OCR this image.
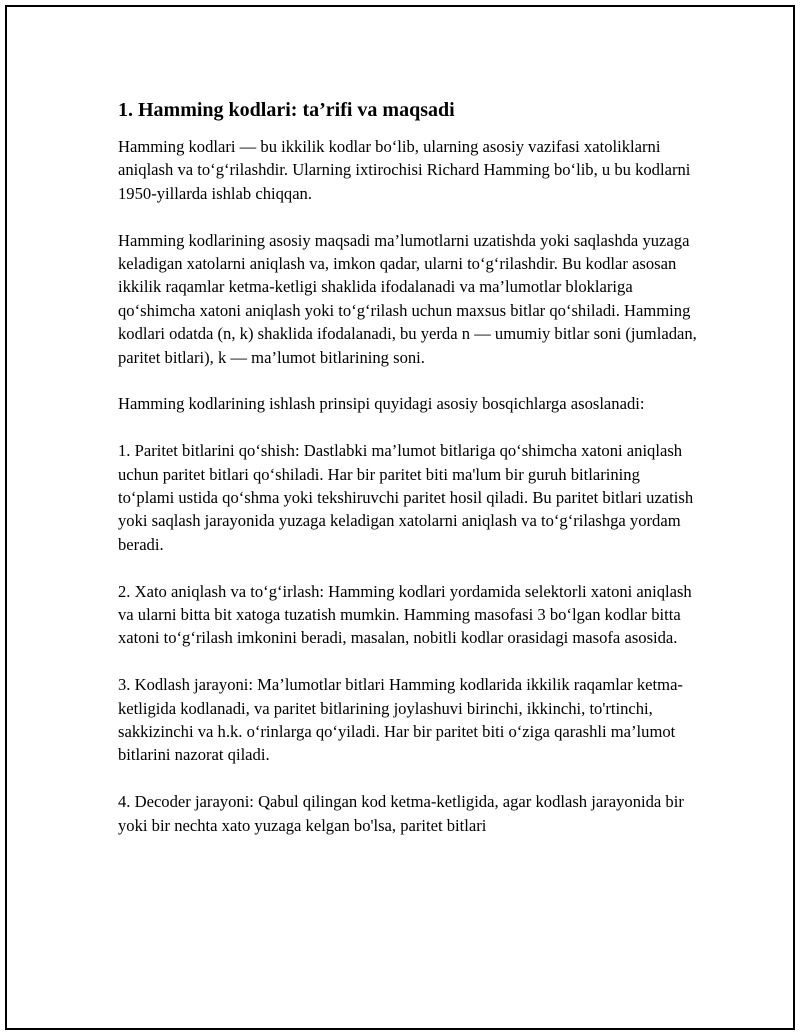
1. Hamming kodlari: ta’rifi va maqsadi

Hamming kodlari — bu ikkilik kodlar boʻlib, ularning asosiy vazifasi xatoliklarni aniqlash va toʻgʻrilashdir. Ularning ixtirochisi Richard Hamming boʻlib, u bu kodlarni 1950-yillarda ishlab chiqqan.

Hamming kodlarining asosiy maqsadi ma’lumotlarni uzatishda yoki saqlashda yuzaga keladigan xatolarni aniqlash va, imkon qadar, ularni toʻgʻrilashdir. Bu kodlar asosan ikkilik raqamlar ketma-ketligi shaklida ifodalanadi va ma’lumotlar bloklariga qoʻshimcha xatoni aniqlash yoki toʻgʻrilash uchun maxsus bitlar qoʻshiladi. Hamming kodlari odatda (n, k) shaklida ifodalanadi, bu yerda n — umumiy bitlar soni (jumladan, paritet bitlari), k — ma’lumot bitlarining soni.

Hamming kodlarining ishlash prinsipi quyidagi asosiy bosqichlarga asoslanadi:

1. Paritet bitlarini qoʻshish: Dastlabki ma’lumot bitlariga qoʻshimcha xatoni aniqlash uchun paritet bitlari qoʻshiladi. Har bir paritet biti ma'lum bir guruh bitlarining toʻplami ustida qoʻshma yoki tekshiruvchi paritet hosil qiladi. Bu paritet bitlari uzatish yoki saqlash jarayonida yuzaga keladigan xatolarni aniqlash va toʻgʻrilashga yordam beradi.

2. Xato aniqlash va toʻgʻirlash: Hamming kodlari yordamida selektorli xatoni aniqlash va ularni bitta bit xatoga tuzatish mumkin. Hamming masofasi 3 boʻlgan kodlar bitta xatoni toʻgʻrilash imkonini beradi, masalan, nobitli kodlar orasidagi masofa asosida.

3. Kodlash jarayoni: Ma’lumotlar bitlari Hamming kodlarida ikkilik raqamlar ketma-ketligida kodlanadi, va paritet bitlarining joylashuvi birinchi, ikkinchi, to'rtinchi, sakkizinchi va h.k. oʻrinlarga qoʻyiladi. Har bir paritet biti oʻziga qarashli ma’lumot bitlarini nazorat qiladi.

4. Decoder jarayoni: Qabul qilingan kod ketma-ketligida, agar kodlash jarayonida bir yoki bir nechta xato yuzaga kelgan bo'lsa, paritet bitlari
